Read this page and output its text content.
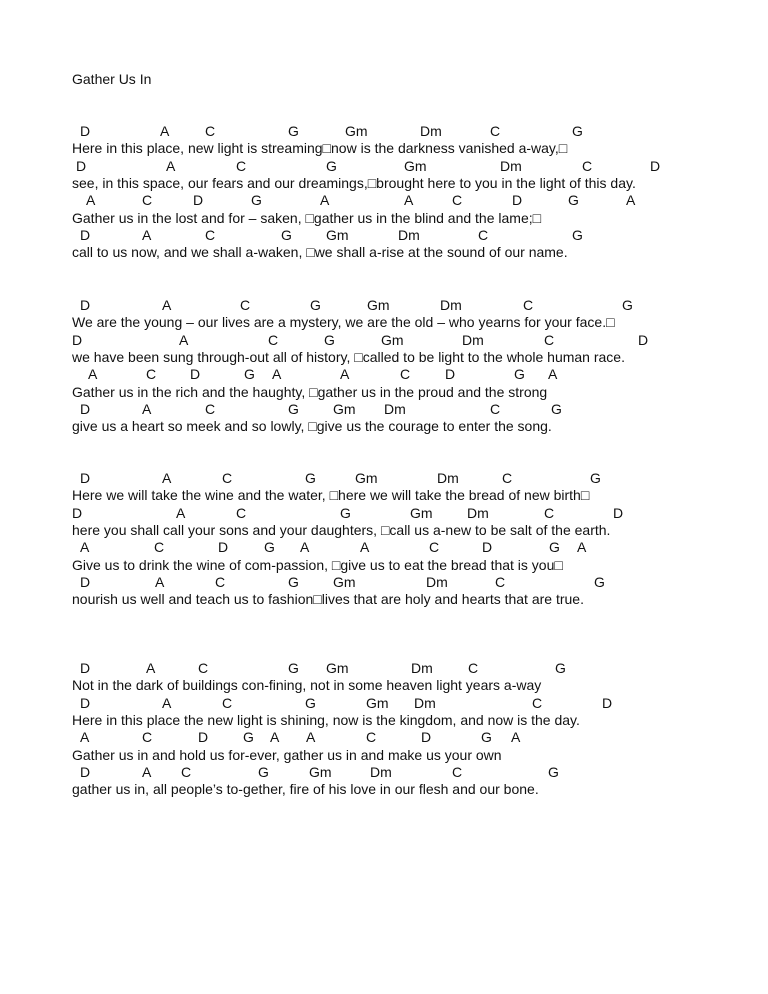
Gather Us In
D	A	C	G	Gm	Dm	C	G
Here in this place, new light is streaming□now is the darkness vanished a-way,□
D	A	C	G	Gm	Dm	C	D
see, in this space, our fears and our dreamings,□brought here to you in the light of this day.
A	C	D	G	A	A	C	D	G	A
Gather us in the lost and for – saken, □gather us in the blind and the lame;□
D	A	C	G Gm	Dm	C	G
call to us now, and we shall a-waken, □we shall a-rise at the sound of our name.
D	A	C	G	Gm	Dm	C	G
We are the young – our lives are a mystery, we are the old – who yearns for your face.□
D	A	C	G	Gm	Dm	C	D
we have been sung through-out all of history, □called to be light to the whole human race.
A	C D	G A	A	C D	G A
Gather us in the rich and the haughty, □gather us in the proud and the strong
D	A	C	G Gm Dm	C	G
give us a heart so meek and so lowly, □give us the courage to enter the song.
D	A	C	G	Gm	Dm	C	G
Here we will take the wine and the water, □here we will take the bread of new birth□
D	A	C	G	Gm Dm	C	D
here you shall call your sons and your daughters, □call us a-new to be salt of the earth.
A	C	D	G A	A	C	D	G A
Give us to drink the wine of com-passion, □give us to eat the bread that is you□
D	A	C	G Gm	Dm	C	G
nourish us well and teach us to fashion□lives that are holy and hearts that are true.
D	A	C	G Gm	Dm	C	G
Not in the dark of buildings con-fining, not in some heaven light years a-way
D	A	C	G	Gm Dm	C	D
Here in this place the new light is shining, now is the kingdom, and now is the day.
A	C	D G A A	C	D	G A
Gather us in and hold us for-ever, gather us in and make us your own
D	A C	G	Gm	Dm	C	G
gather us in, all people’s to-gether, fire of his love in our flesh and our bone.
